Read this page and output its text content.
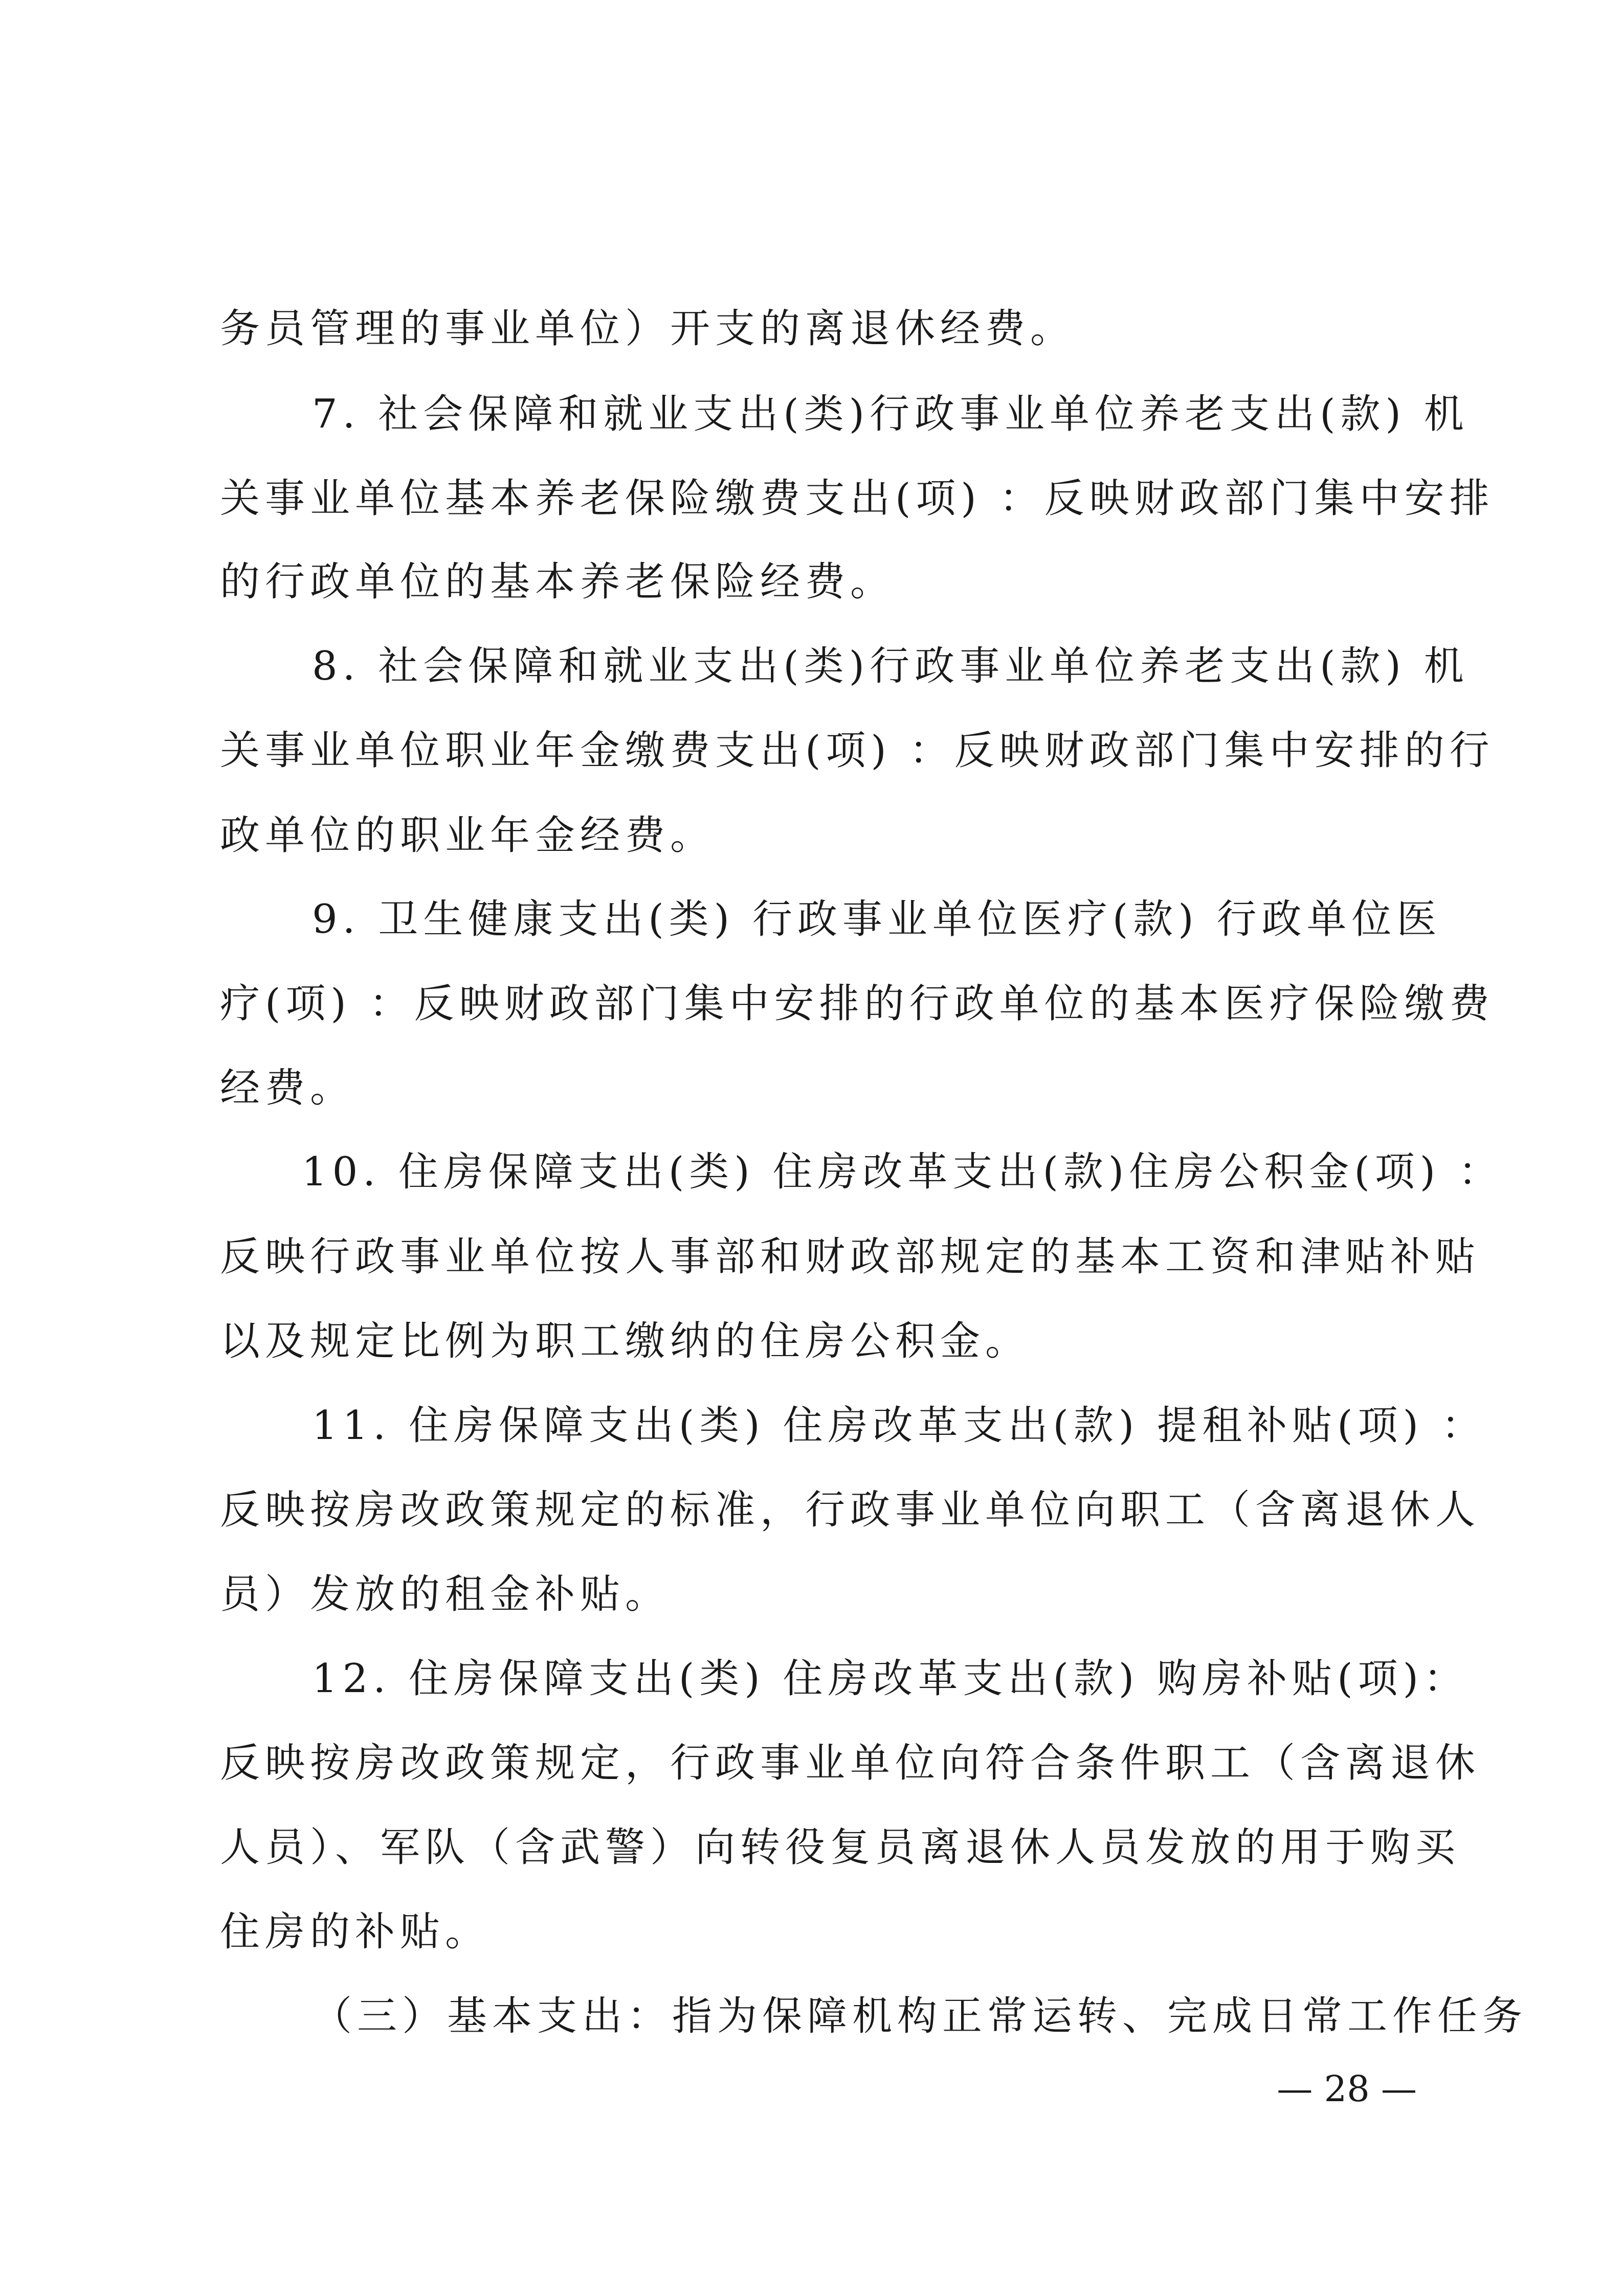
务员管理的事业单位）开支的离退休经费。
7. 社会保障和就业支出(类)行政事业单位养老支出(款) 机
关事业单位基本养老保险缴费支出(项) ：反映财政部门集中安排
的行政单位的基本养老保险经费。
8. 社会保障和就业支出(类)行政事业单位养老支出(款) 机
关事业单位职业年金缴费支出(项) ：反映财政部门集中安排的行
政单位的职业年金经费。
9. 卫生健康支出(类) 行政事业单位医疗(款) 行政单位医
疗(项) ：反映财政部门集中安排的行政单位的基本医疗保险缴费
经费。
10. 住房保障支出(类) 住房改革支出(款)住房公积金(项) ：
反映行政事业单位按人事部和财政部规定的基本工资和津贴补贴
以及规定比例为职工缴纳的住房公积金。
11. 住房保障支出(类) 住房改革支出(款) 提租补贴(项) ：
反映按房改政策规定的标准，行政事业单位向职工（含离退休人
员）发放的租金补贴。
12. 住房保障支出(类) 住房改革支出(款) 购房补贴(项)：
反映按房改政策规定，行政事业单位向符合条件职工（含离退休
人员）、军队（含武警）向转役复员离退休人员发放的用于购买
住房的补贴。
（三）基本支出：指为保障机构正常运转、完成日常工作任务
— 28 —
